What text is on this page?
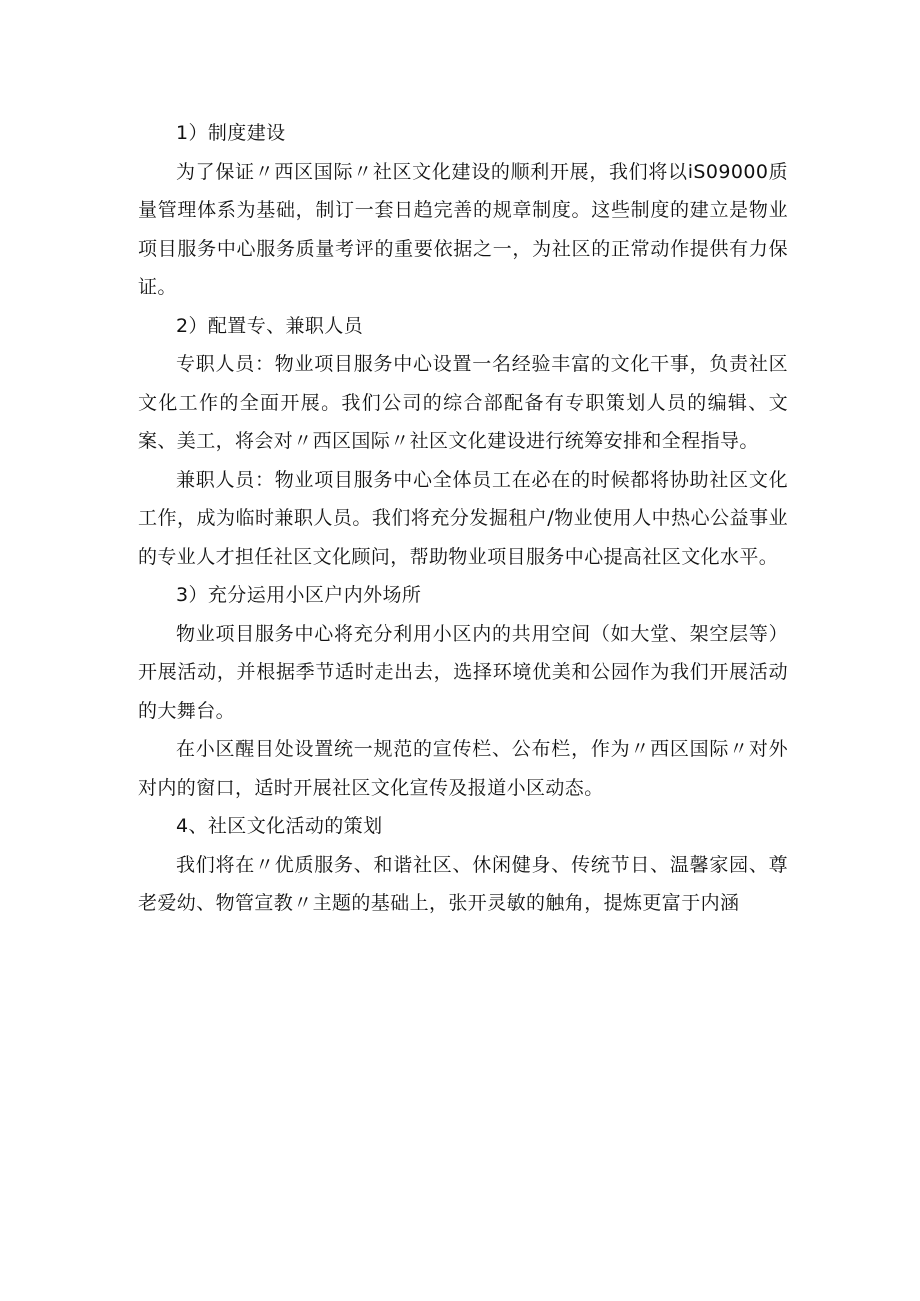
1）制度建设

为了保证〃西区国际〃社区文化建设的顺利开展，我们将以iS09000质量管理体系为基础，制订一套日趋完善的规章制度。这些制度的建立是物业项目服务中心服务质量考评的重要依据之一，为社区的正常动作提供有力保证。

2）配置专、兼职人员

专职人员：物业项目服务中心设置一名经验丰富的文化干事，负责社区文化工作的全面开展。我们公司的综合部配备有专职策划人员的编辑、文案、美工，将会对〃西区国际〃社区文化建设进行统筹安排和全程指导。

兼职人员：物业项目服务中心全体员工在必在的时候都将协助社区文化工作，成为临时兼职人员。我们将充分发掘租户/物业使用人中热心公益事业的专业人才担任社区文化顾问，帮助物业项目服务中心提高社区文化水平。

3）充分运用小区户内外场所

物业项目服务中心将充分利用小区内的共用空间（如大堂、架空层等）开展活动，并根据季节适时走出去，选择环境优美和公园作为我们开展活动的大舞台。

在小区醒目处设置统一规范的宣传栏、公布栏，作为〃西区国际〃对外对内的窗口，适时开展社区文化宣传及报道小区动态。

4、社区文化活动的策划

我们将在〃优质服务、和谐社区、休闲健身、传统节日、温馨家园、尊老爱幼、物管宣教〃主题的基础上，张开灵敏的触角，提炼更富于内涵
